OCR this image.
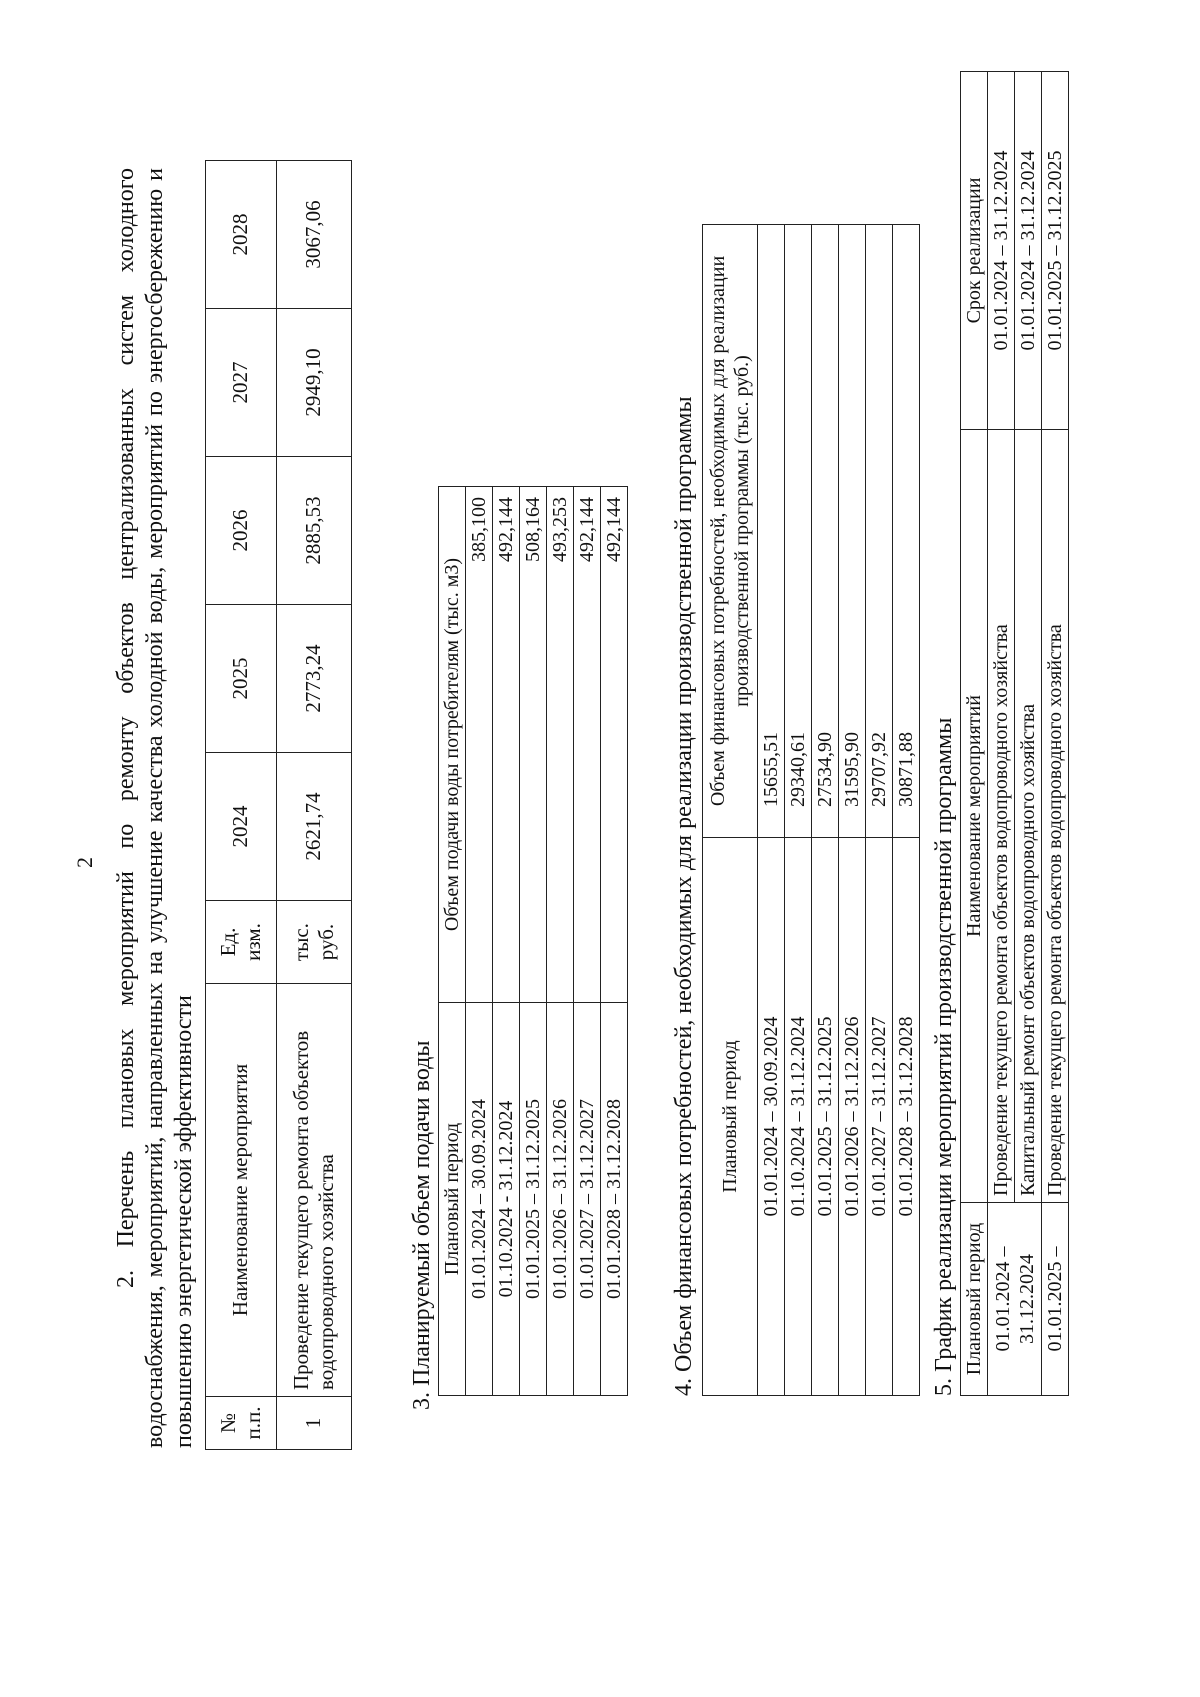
2 2. Перечень плановых мероприятий по ремонту объектов централизованных систем холодного водоснабжения, мероприятий, направленных на улучшение качества холодной воды, мероприятий по энергосбережению и повышению энергетической эффективности № п.п.	Наименование мероприятия	Ед. изм.	2024	2025	2026	2027	2028
1	Проведение текущего ремонта объектов водопроводного хозяйства	тыс. руб.	2621,74	2773,24	2885,53	2949,10	3067,06
3. Планируемый объем подачи воды Плановый период	Объем подачи воды потребителям (тыс. м3)
01.01.2024 – 30.09.2024	385,100
01.10.2024 - 31.12.2024	492,144
01.01.2025 – 31.12.2025	508,164
01.01.2026 – 31.12.2026	493,253
01.01.2027 – 31.12.2027	492,144
01.01.2028 – 31.12.2028	492,144 4. Объем финансовых потребностей, необходимых для реализации производственной программы Плановый период	Объем финансовых потребностей, необходимых для реализации производственной программы (тыс. руб.)
01.01.2024 – 30.09.2024	15655,51
01.10.2024 – 31.12.2024	29340,61
01.01.2025 – 31.12.2025	27534,90
01.01.2026 – 31.12.2026	31595,90
01.01.2027 – 31.12.2027	29707,92
01.01.2028 – 31.12.2028	30871,88 5. График реализации мероприятий производственной программы Плановый период	Наименование мероприятий	Срок реализации
01.01.2024 – 31.12.2024	Проведение текущего ремонта объектов водопроводного хозяйства	01.01.2024 – 31.12.2024
	Капитальный ремонт объектов водопроводного хозяйства	01.01.2024 – 31.12.2024
01.01.2025 –	Проведение текущего ремонта объектов водопроводного хозяйства	01.01.2025 – 31.12.2025
